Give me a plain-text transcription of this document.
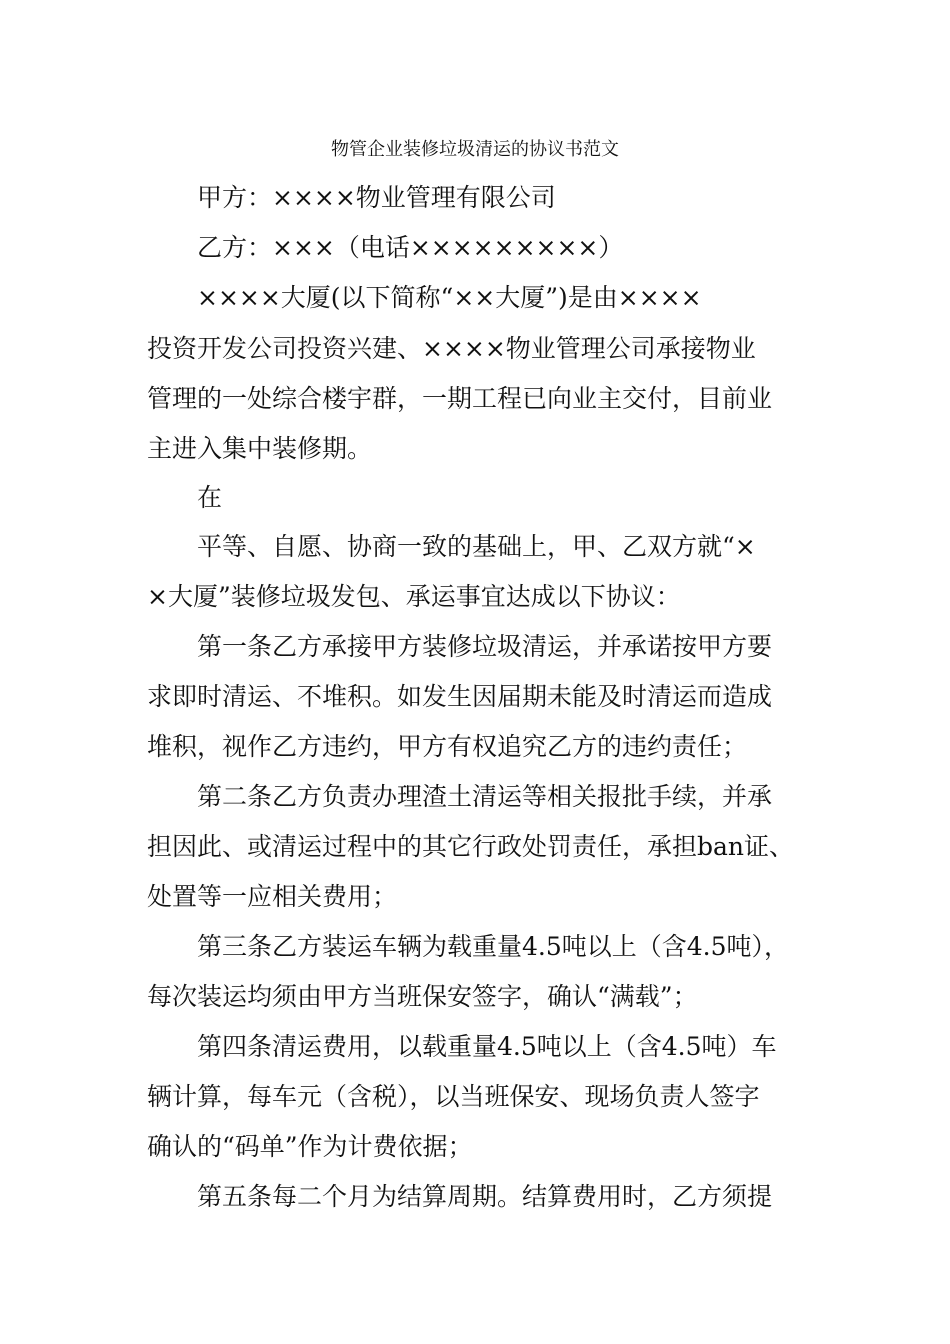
物管企业装修垃圾清运的协议书范文
甲方：××××物业管理有限公司
乙方：×××（电话×××××××××）
××××大厦(以下简称“××大厦”)是由××××
投资开发公司投资兴建、××××物业管理公司承接物业
管理的一处综合楼宇群，一期工程已向业主交付，目前业
主进入集中装修期。
在
平等、自愿、协商一致的基础上，甲、乙双方就“×
×大厦”装修垃圾发包、承运事宜达成以下协议：
第一条乙方承接甲方装修垃圾清运，并承诺按甲方要
求即时清运、不堆积。如发生因届期未能及时清运而造成
堆积，视作乙方违约，甲方有权追究乙方的违约责任；
第二条乙方负责办理渣土清运等相关报批手续，并承
担因此、或清运过程中的其它行政处罚责任，承担ban证、
处置等一应相关费用；
第三条乙方装运车辆为载重量4.5吨以上（含4.5吨），
每次装运均须由甲方当班保安签字，确认“满载”；
第四条清运费用，以载重量4.5吨以上（含4.5吨）车
辆计算，每车元（含税），以当班保安、现场负责人签字
确认的“码单”作为计费依据；
第五条每二个月为结算周期。结算费用时，乙方须提
